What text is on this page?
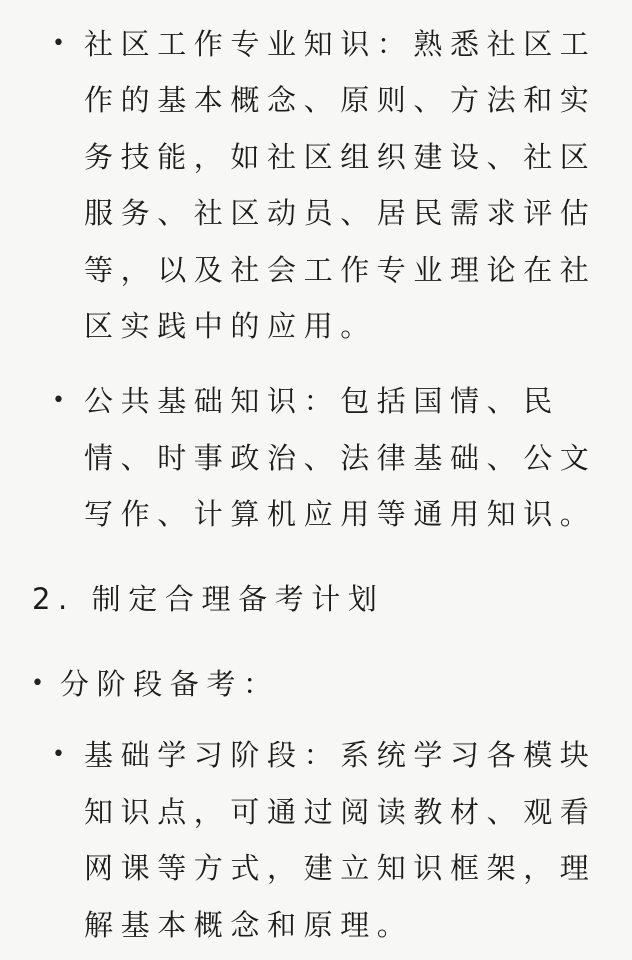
• 社区工作专业知识：熟悉社区工
作的基本概念、原则、方法和实
务技能，如社区组织建设、社区
服务、社区动员、居民需求评估
等，以及社会工作专业理论在社
区实践中的应用。
• 公共基础知识：包括国情、民
情、时事政治、法律基础、公文
写作、计算机应用等通用知识。
2. 制定合理备考计划
• 分阶段备考：
• 基础学习阶段：系统学习各模块
知识点，可通过阅读教材、观看
网课等方式，建立知识框架，理
解基本概念和原理。
